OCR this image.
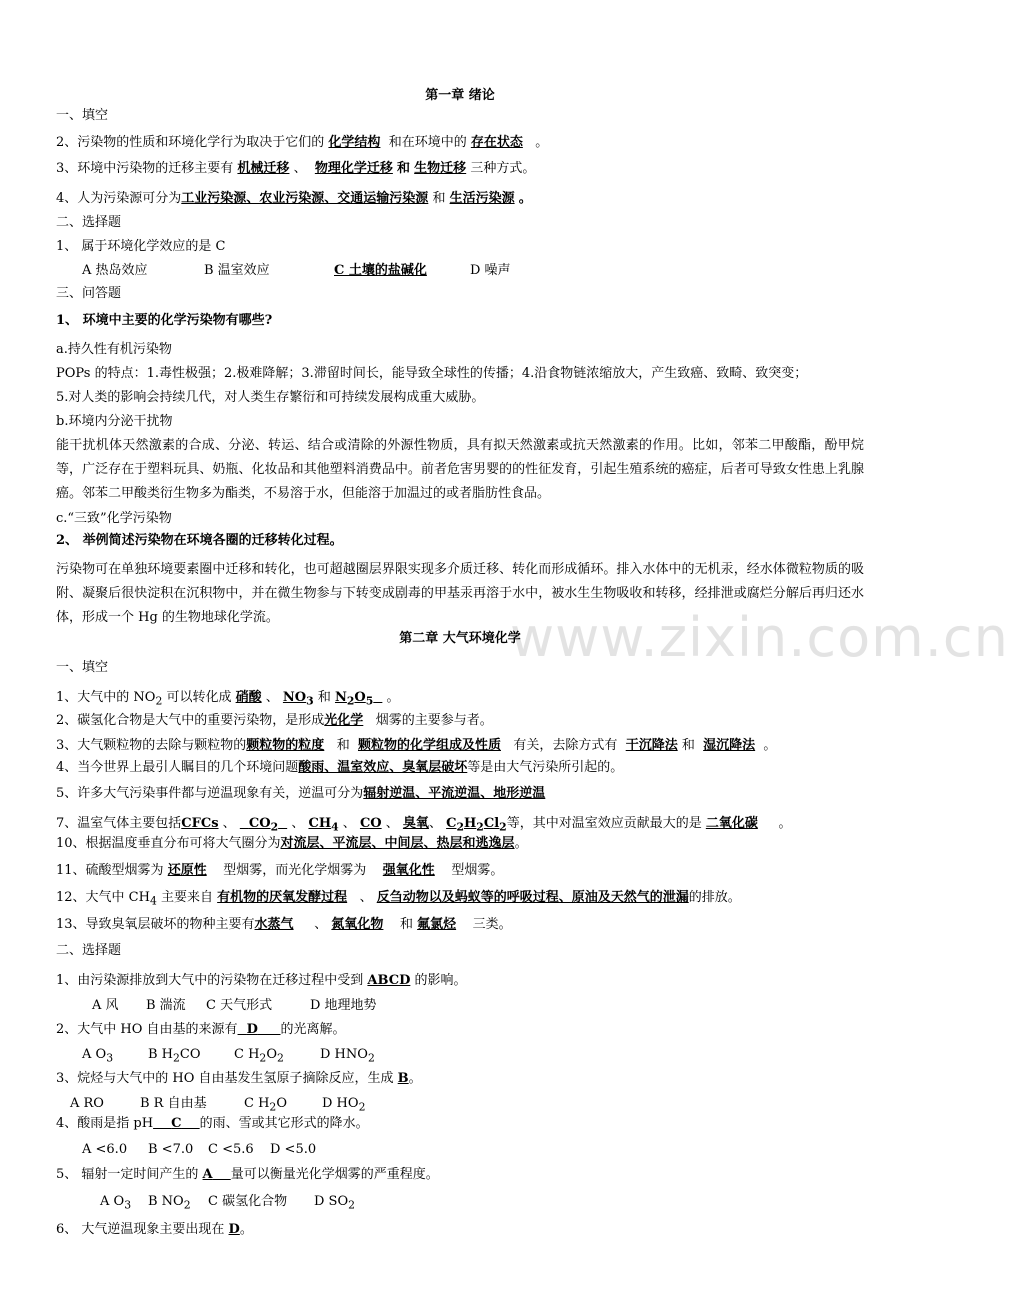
www.zixin.com.cn
第一章 绪论
一、填空
2、污染物的性质和环境化学行为取决于它们的 化学结构 和在环境中的 存在状态 。
3、环境中污染物的迁移主要有 机械迁移 、 物理化学迁移 和 生物迁移 三种方式。
4、人为污染源可分为工业污染源、农业污染源、交通运输污染源 和 生活污染源 。
二、选择题
1、 属于环境化学效应的是 C
A 热岛效应	B 温室效应	C 土壤的盐碱化	D 噪声
三、问答题
1、 环境中主要的化学污染物有哪些?
a.持久性有机污染物
POPs 的特点：1.毒性极强；2.极难降解；3.滞留时间长，能导致全球性的传播；4.沿食物链浓缩放大，产生致癌、致畸、致突变；
5.对人类的影响会持续几代，对人类生存繁衍和可持续发展构成重大威胁。
b.环境内分泌干扰物
能干扰机体天然激素的合成、分泌、转运、结合或清除的外源性物质，具有拟天然激素或抗天然激素的作用。比如，邻苯二甲酸酯，酚甲烷等，广泛存在于塑料玩具、奶瓶、化妆品和其他塑料消费品中。前者危害男婴的的性征发育，引起生殖系统的癌症，后者可导致女性患上乳腺癌。邻苯二甲酸类衍生物多为酯类，不易溶于水，但能溶于加温过的或者脂肪性食品。
c.“三致”化学污染物
2、 举例简述污染物在环境各圈的迁移转化过程。
污染物可在单独环境要素圈中迁移和转化，也可超越圈层界限实现多介质迁移、转化而形成循环。排入水体中的无机汞，经水体微粒物质的吸附、凝聚后很快淀积在沉积物中，并在微生物参与下转变成剧毒的甲基汞再溶于水中，被水生生物吸收和转移，经排泄或腐烂分解后再归还水体，形成一个 Hg 的生物地球化学流。
第二章 大气环境化学
一、填空
1、大气中的 $NO_2$ 可以转化成 硝酸 、 $NO_3$ 和 $N_2O_5$ 。
2、碳氢化合物是大气中的重要污染物，是形成光化学 烟雾的主要参与者。
3、大气颗粒物的去除与颗粒物的颗粒物的粒度 和 颗粒物的化学组成及性质 有关，去除方式有 干沉降法 和 湿沉降法 。
4、当今世界上最引人瞩目的几个环境问题酸雨、温室效应、臭氧层破坏等是由大气污染所引起的。
5、许多大气污染事件都与逆温现象有关，逆温可分为辐射逆温、平流逆温、地形逆温
7、温室气体主要包括CFCs 、 $CO_2$ 、 $CH_4$ 、 CO 、 臭氧、 $C_2H_2Cl_2$等，其中对温室效应贡献最大的是 二氧化碳 。
10、根据温度垂直分布可将大气圈分为对流层、平流层、中间层、热层和逃逸层。
11、硫酸型烟雾为 还原性 型烟雾，而光化学烟雾为 强氧化性 型烟雾。
12、大气中 $CH_4$ 主要来自 有机物的厌氧发酵过程 、 反刍动物以及蚂蚁等的呼吸过程、原油及天然气的泄漏的排放。
13、导致臭氧层破坏的物种主要有水蒸气 、 氮氧化物 和 氟氯烃 三类。
二、选择题
1、由污染源排放到大气中的污染物在迁移过程中受到 ABCD 的影响。
A 风 B 湍流 C 天气形式	D 地理地势
2、大气中 HO 自由基的来源有 D 的光离解。
A $O_3$	B $H_2CO$	C $H_2O_2$	D $HNO_2$
3、烷烃与大气中的 HO 自由基发生氢原子摘除反应，生成 B。
A RO	B R 自由基	C $H_2O$	D $HO_2$
4、酸雨是指 pH C 的雨、雪或其它形式的降水。
A <6.0 B <7.0 C <5.6 D <5.0
5、 辐射一定时间产生的 A 量可以衡量光化学烟雾的严重程度。
A $O_3$ B $NO_2$ C 碳氢化合物 D $SO_2$
6、 大气逆温现象主要出现在 D。
